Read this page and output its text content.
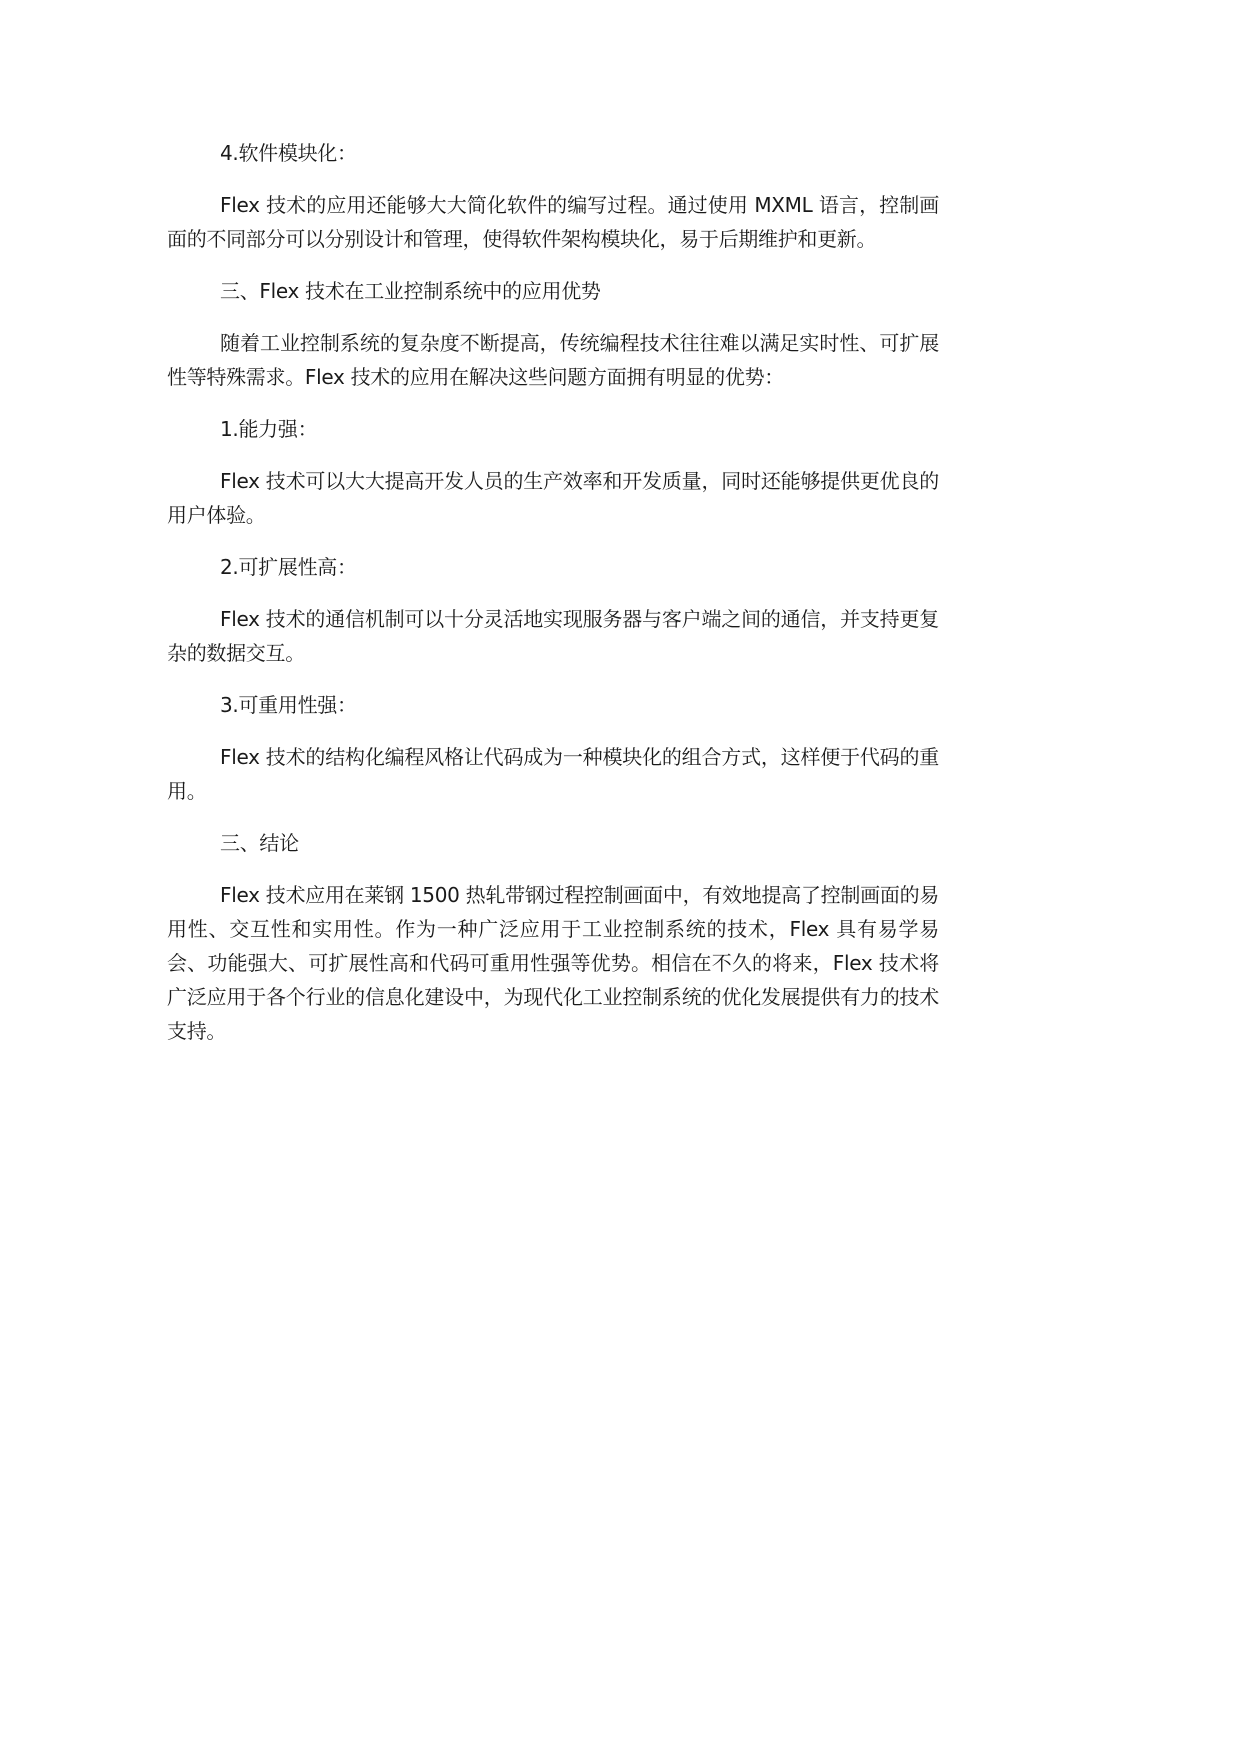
4.软件模块化：

Flex 技术的应用还能够大大简化软件的编写过程。通过使用 MXML 语言，控制画面的不同部分可以分别设计和管理，使得软件架构模块化，易于后期维护和更新。

三、Flex 技术在工业控制系统中的应用优势

随着工业控制系统的复杂度不断提高，传统编程技术往往难以满足实时性、可扩展性等特殊需求。Flex 技术的应用在解决这些问题方面拥有明显的优势：

1.能力强：

Flex 技术可以大大提高开发人员的生产效率和开发质量，同时还能够提供更优良的用户体验。

2.可扩展性高：

Flex 技术的通信机制可以十分灵活地实现服务器与客户端之间的通信，并支持更复杂的数据交互。

3.可重用性强：

Flex 技术的结构化编程风格让代码成为一种模块化的组合方式，这样便于代码的重用。

三、结论

Flex 技术应用在莱钢 1500 热轧带钢过程控制画面中，有效地提高了控制画面的易用性、交互性和实用性。作为一种广泛应用于工业控制系统的技术，Flex 具有易学易会、功能强大、可扩展性高和代码可重用性强等优势。相信在不久的将来，Flex 技术将广泛应用于各个行业的信息化建设中，为现代化工业控制系统的优化发展提供有力的技术支持。
